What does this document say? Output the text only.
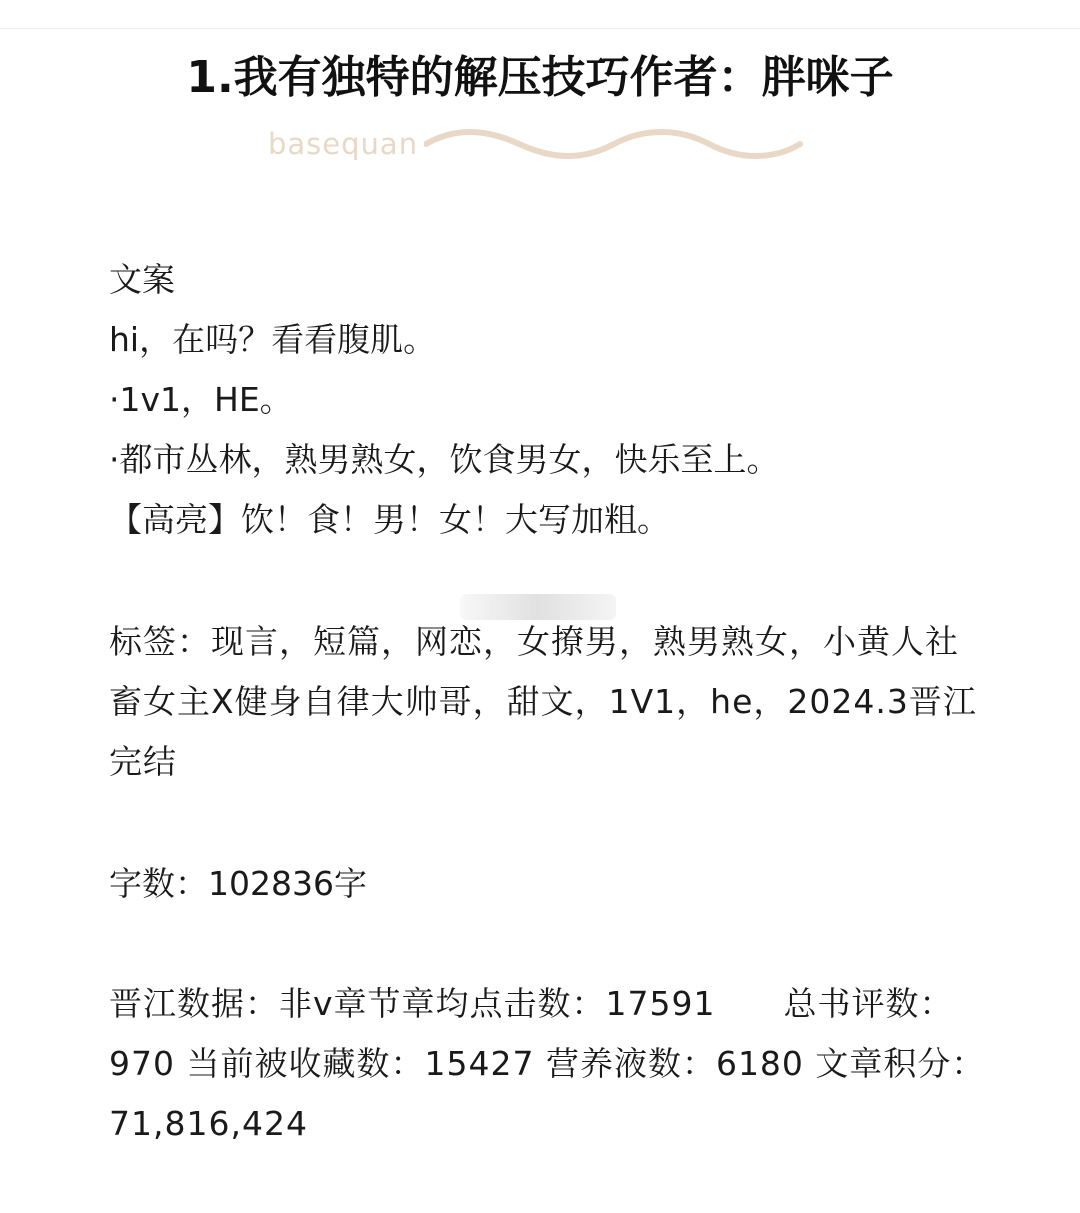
1.我有独特的解压技巧作者：胖咪子
basequan
文案
hi，在吗？看看腹肌。
·1v1，HE。
·都市丛林，熟男熟女，饮食男女，快乐至上。
【高亮】饮！食！男！女！大写加粗。
标签：现言，短篇，网恋，女撩男，熟男熟女，小黄人社畜女主X健身自律大帅哥，甜文，1V1，he，2024.3晋江完结
字数：102836字
晋江数据：非v章节章均点击数：17591　　总书评数：970 当前被收藏数：15427 营养液数：6180 文章积分：71,816,424
